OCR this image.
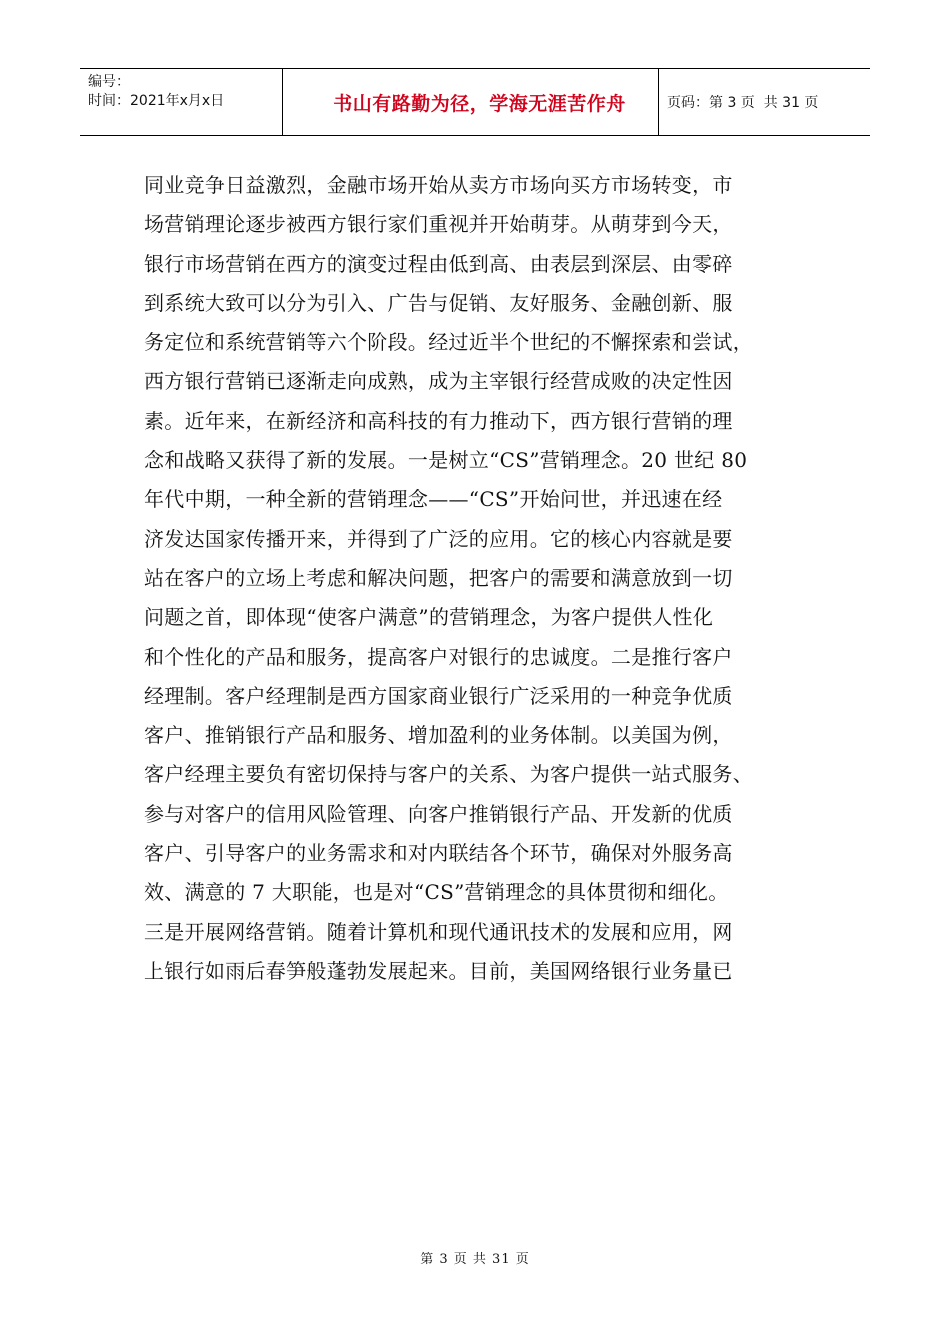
编号：
时间：2021年x月x日	书山有路勤为径，学海无涯苦作舟	页码：第 3 页  共 31 页
同业竞争日益激烈，金融市场开始从卖方市场向买方市场转变，市
场营销理论逐步被西方银行家们重视并开始萌芽。从萌芽到今天，
银行市场营销在西方的演变过程由低到高、由表层到深层、由零碎
到系统大致可以分为引入、广告与促销、友好服务、金融创新、服
务定位和系统营销等六个阶段。经过近半个世纪的不懈探索和尝试，
西方银行营销已逐渐走向成熟，成为主宰银行经营成败的决定性因
素。近年来，在新经济和高科技的有力推动下，西方银行营销的理
念和战略又获得了新的发展。一是树立“CS”营销理念。20 世纪 80
年代中期，一种全新的营销理念——“CS”开始问世，并迅速在经
济发达国家传播开来，并得到了广泛的应用。它的核心内容就是要
站在客户的立场上考虑和解决问题，把客户的需要和满意放到一切
问题之首，即体现“使客户满意”的营销理念，为客户提供人性化
和个性化的产品和服务，提高客户对银行的忠诚度。二是推行客户
经理制。客户经理制是西方国家商业银行广泛采用的一种竞争优质
客户、推销银行产品和服务、增加盈利的业务体制。以美国为例，
客户经理主要负有密切保持与客户的关系、为客户提供一站式服务、
参与对客户的信用风险管理、向客户推销银行产品、开发新的优质
客户、引导客户的业务需求和对内联结各个环节，确保对外服务高
效、满意的 7 大职能，也是对“CS”营销理念的具体贯彻和细化。
三是开展网络营销。随着计算机和现代通讯技术的发展和应用，网
上银行如雨后春笋般蓬勃发展起来。目前，美国网络银行业务量已
第 3 页 共 31 页
